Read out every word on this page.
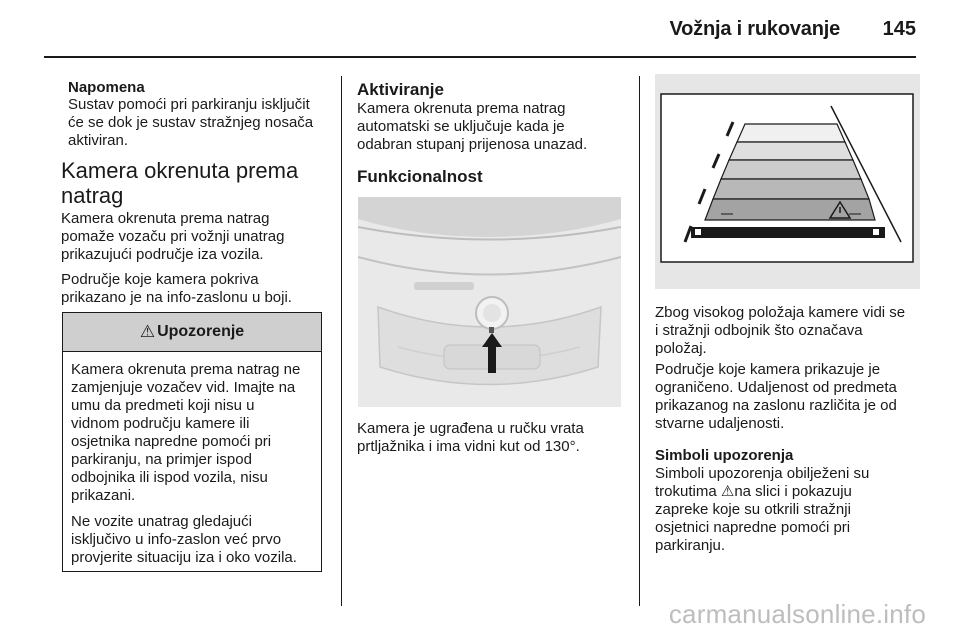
Vožnja i rukovanje 145
Napomena

Sustav pomoći pri parkiranju isključit

će se dok je sustav stražnjeg nosača

aktiviran.

Kamera okrenuta prema

natrag

Kamera okrenuta prema natrag

pomaže vozaču pri vožnji unatrag

prikazujući područje iza vozila.

Područje koje kamera pokriva

prikazano je na info-zaslonu u boji.

⚠ Upozorenje

Kamera okrenuta prema natrag ne
zamjenjuje vozačev vid. Imajte na
umu da predmeti koji nisu u
vidnom području kamere ili
osjetnika napredne pomoći pri
parkiranju, na primjer ispod
odbojnika ili ispod vozila, nisu
prikazani.

Ne vozite unatrag gledajući
isključivo u info-zaslon već prvo
provjerite situaciju iza i oko vozila.

Aktiviranje

Kamera okrenuta prema natrag

automatski se uključuje kada je

odabran stupanj prijenosa unazad.

Funkcionalnost

Kamera je ugrađena u ručku vrata

prtljažnika i ima vidni kut od 130°.

Zbog visokog položaja kamere vidi se

i stražnji odbojnik što označava

položaj.

Područje koje kamera prikazuje je

ograničeno. Udaljenost od predmeta

prikazanog na zaslonu različita je od

stvarne udaljenosti.

Simboli upozorenja

Simboli upozorenja obilježeni su

trokutima ⚠na slici i pokazuju

zapreke koje su otkrili stražnji

osjetnici napredne pomoći pri

parkiranju.

carmanualsonline.info
